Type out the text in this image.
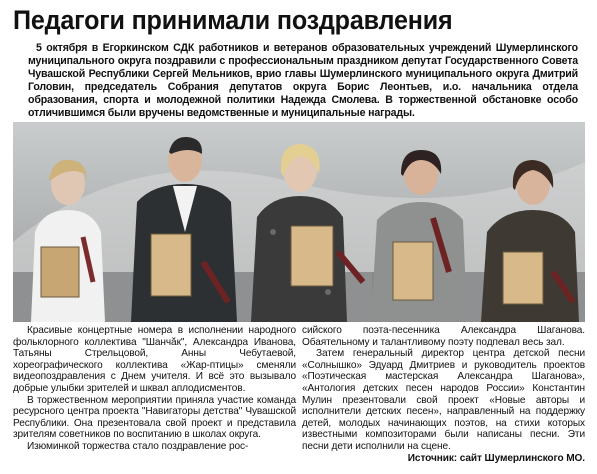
Педагоги принимали поздравления
5 октября в Егоркинском СДК работников и ветеранов образовательных учреждений Шумерлинского муниципального округа поздравили с профессиональным праздником депутат Государственного Совета Чувашской Республики Сергей Мельников, врио главы Шумерлинского муниципального округа Дмитрий Головин, председатель Собрания депутатов округа Борис Леонтьев, и.о. начальника отдела образования, спорта и молодежной политики Надежда Смолева. В торжественной обстановке особо отличившимся были вручены ведомственные и муниципальные награды.

Красивые концертные номера в исполнении народного фольклорного коллектива "Шанчӑк", Александра Иванова, Татьяны Стрельцовой, Анны Чебутаевой, хореографического коллектива «Жар-птицы» сменяли видеопоздравления с Днем учителя. И всё это вызывало добрые улыбки зрителей и шквал аплодисментов.

В торжественном мероприятии приняла участие команда ресурсного центра проекта "Навигаторы детства" Чувашской Республики. Она презентовала свой проект и представила зрителям советников по воспитанию в школах округа.

Изюминкой торжества стало поздравление рос-

сийского поэта-песенника Александра Шаганова. Обаятельному и талантливому поэту подпевал весь зал.

Затем генеральный директор центра детской песни «Солнышко» Эдуард Дмитриев и руководитель проектов «Поэтическая мастерская Александра Шаганова», «Антология детских песен народов России» Константин Мулин презентовали свой проект «Новые авторы и исполнители детских песен», направленный на поддержку детей, молодых начинающих поэтов, на стихи которых известными композиторами были написаны песни. Эти песни дети исполнили на сцене.

Источник: сайт Шумерлинского МО.
